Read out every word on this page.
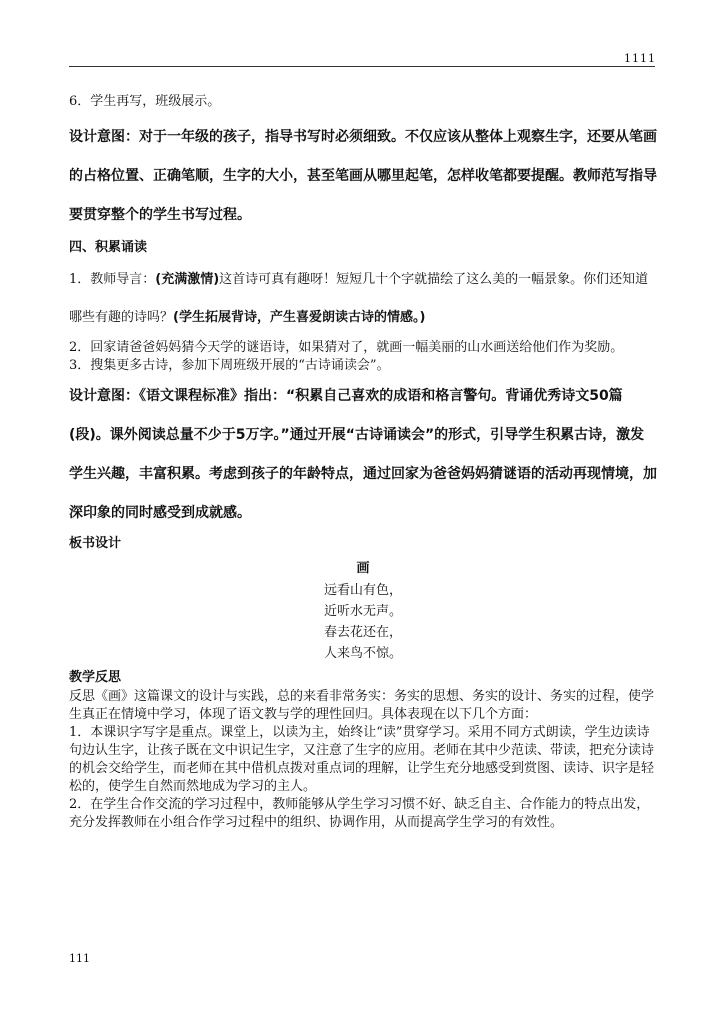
1111

6．学生再写，班级展示。

设计意图：对于一年级的孩子，指导书写时必须细致。不仅应该从整体上观察生字，还要从笔画的占格位置、正确笔顺，生字的大小，甚至笔画从哪里起笔，怎样收笔都要提醒。教师范写指导要贯穿整个的学生书写过程。

四、积累诵读

1．教师导言：(充满激情)这首诗可真有趣呀！短短几十个字就描绘了这么美的一幅景象。你们还知道哪些有趣的诗吗？(学生拓展背诗，产生喜爱朗读古诗的情感。)

2．回家请爸爸妈妈猜今天学的谜语诗，如果猜对了，就画一幅美丽的山水画送给他们作为奖励。

3．搜集更多古诗，参加下周班级开展的“古诗诵读会”。

设计意图：《语文课程标准》指出：“积累自己喜欢的成语和格言警句。背诵优秀诗文50篇(段)。课外阅读总量不少于5万字。”通过开展“古诗诵读会”的形式，引导学生积累古诗，激发学生兴趣，丰富积累。考虑到孩子的年龄特点，通过回家为爸爸妈妈猜谜语的活动再现情境，加深印象的同时感受到成就感。

板书设计

画

远看山有色，

近听水无声。

春去花还在，

人来鸟不惊。

教学反思

反思《画》这篇课文的设计与实践，总的来看非常务实：务实的思想、务实的设计、务实的过程，使学生真正在情境中学习，体现了语文教与学的理性回归。具体表现在以下几个方面：

1．本课识字写字是重点。课堂上，以读为主，始终让“读”贯穿学习。采用不同方式朗读，学生边读诗句边认生字，让孩子既在文中识记生字，又注意了生字的应用。老师在其中少范读、带读，把充分读诗的机会交给学生，而老师在其中借机点拨对重点词的理解，让学生充分地感受到赏图、读诗、识字是轻松的，使学生自然而然地成为学习的主人。

2．在学生合作交流的学习过程中，教师能够从学生学习习惯不好、缺乏自主、合作能力的特点出发，充分发挥教师在小组合作学习过程中的组织、协调作用，从而提高学生学习的有效性。

111
